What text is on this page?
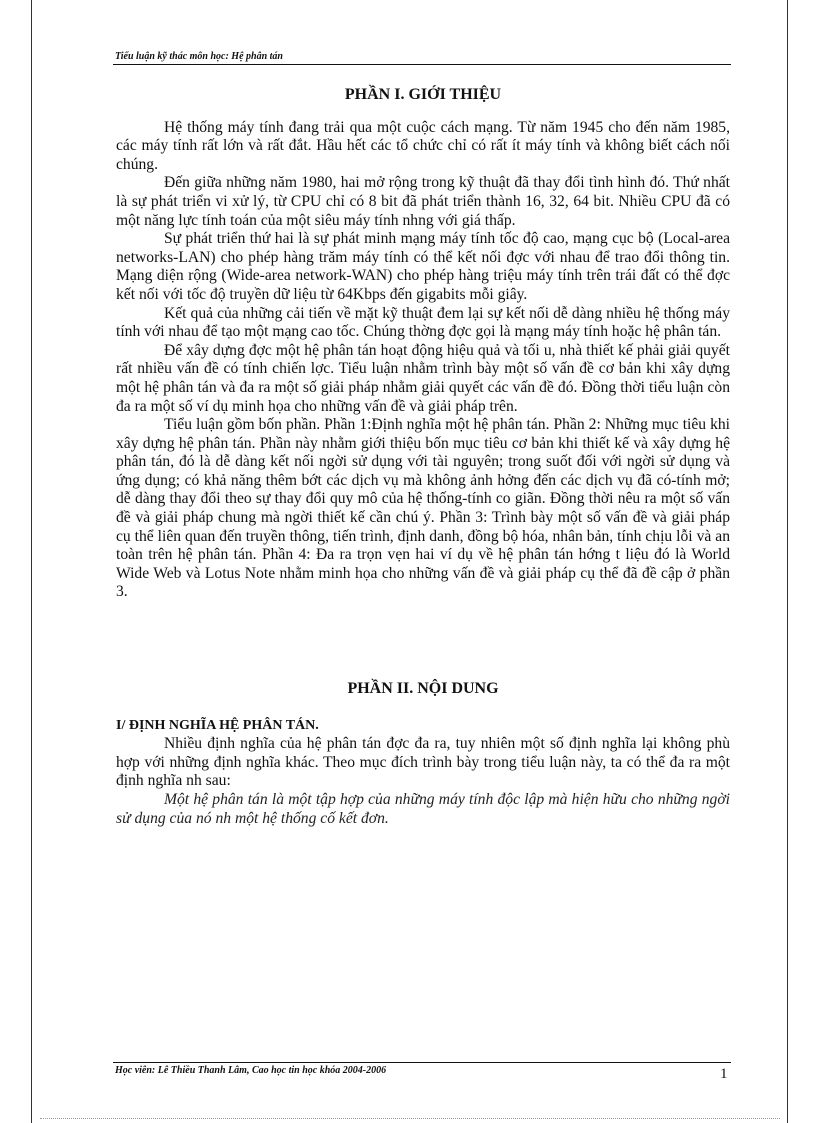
Tiểu luận kỹ thác môn học: Hệ phân tán
PHẦN I. GIỚI THIỆU

Hệ thống máy tính đang trải qua một cuộc cách mạng. Từ năm 1945 cho đến năm 1985, các máy tính rất lớn và rất đắt. Hầu hết các tổ chức chỉ có rất ít máy tính và không biết cách nối chúng.

Đến giữa những năm 1980, hai mở rộng trong kỹ thuật đã thay đổi tình hình đó. Thứ nhất là sự phát triển vi xử lý, từ CPU chỉ có 8 bit đã phát triển thành 16, 32, 64 bit. Nhiều CPU đã có một năng lực tính toán của một siêu máy tính nhng với giá thấp.

Sự phát triển thứ hai là sự phát minh mạng máy tính tốc độ cao, mạng cục bộ (Local-area networks-LAN) cho phép hàng trăm máy tính có thể kết nối đợc với nhau để trao đổi thông tin. Mạng diện rộng (Wide-area network-WAN) cho phép hàng triệu máy tính trên trái đất có thể đợc kết nối với tốc độ truyền dữ liệu từ 64Kbps đến gigabits mỗi giây.

Kết quả của những cải tiến về mặt kỹ thuật đem lại sự kết nối dễ dàng nhiều hệ thống máy tính với nhau để tạo một mạng cao tốc. Chúng thờng đợc gọi là mạng máy tính hoặc hệ phân tán.

Để xây dựng đợc một hệ phân tán hoạt động hiệu quả và tối u, nhà thiết kế phải giải quyết rất nhiều vấn đề có tính chiến lợc. Tiểu luận nhằm trình bày một số vấn đề cơ bản khi xây dựng một hệ phân tán và đa ra một số giải pháp nhằm giải quyết các vấn đề đó. Đồng thời tiểu luận còn đa ra một số ví dụ minh họa cho những vấn đề và giải pháp trên.

Tiểu luận gồm bốn phần. Phần 1:Định nghĩa một hệ phân tán. Phần 2: Những mục tiêu khi xây dựng hệ phân tán. Phần này nhằm giới thiệu bốn mục tiêu cơ bản khi thiết kế và xây dựng hệ phân tán, đó là dễ dàng kết nối ngời sử dụng với tài nguyên; trong suốt đối với ngời sử dụng và ứng dụng; có khả năng thêm bớt các dịch vụ mà không ảnh hởng đến các dịch vụ đã có-tính mở; dễ dàng thay đổi theo sự thay đổi quy mô của hệ thống-tính co giãn. Đồng thời nêu ra một số vấn đề và giải pháp chung mà ngời thiết kế cần chú ý. Phần 3: Trình bày một số vấn đề và giải pháp cụ thể liên quan đến truyền thông, tiến trình, định danh, đồng bộ hóa, nhân bản, tính chịu lỗi và an toàn trên hệ phân tán. Phần 4: Đa ra trọn vẹn hai ví dụ về hệ phân tán hớng t liệu đó là World Wide Web và Lotus Note nhằm minh họa cho những vấn đề và giải pháp cụ thể đã đề cập ở phần 3.

PHẦN II. NỘI DUNG
I/ ĐỊNH NGHĨA HỆ PHÂN TÁN.

Nhiều định nghĩa của hệ phân tán đợc đa ra, tuy nhiên một số định nghĩa lại không phù hợp với những định nghĩa khác. Theo mục đích trình bày trong tiểu luận này, ta có thể đa ra một định nghĩa nh sau:

Một hệ phân tán là một tập hợp của những máy tính độc lập mà hiện hữu cho những ngời sử dụng của nó nh một hệ thống cố kết đơn.

Học viên: Lê Thiều Thanh Lâm, Cao học tin học khóa 2004-2006	1
